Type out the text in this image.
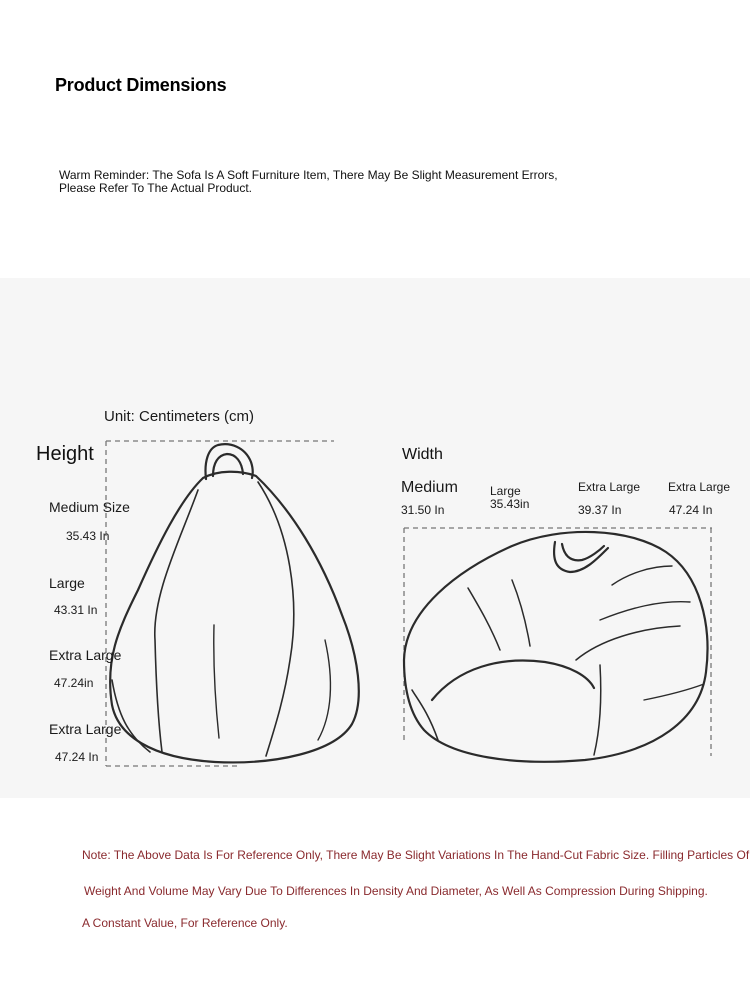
Product Dimensions
Warm Reminder: The Sofa Is A Soft Furniture Item, There May Be Slight Measurement Errors, Please Refer To The Actual Product.
Unit: Centimeters (cm)
Height
Medium Size
35.43 In
Large
43.31 In
Extra Large
47.24in
Extra Large
47.24 In
Width
Medium
31.50 In
Large
35.43in
Extra Large
39.37 In
Extra Large
47.24 In
Note: The Above Data Is For Reference Only, There May Be Slight Variations In The Hand-Cut Fabric Size. Filling Particles Of
Weight And Volume May Vary Due To Differences In Density And Diameter, As Well As Compression During Shipping.
A Constant Value, For Reference Only.
